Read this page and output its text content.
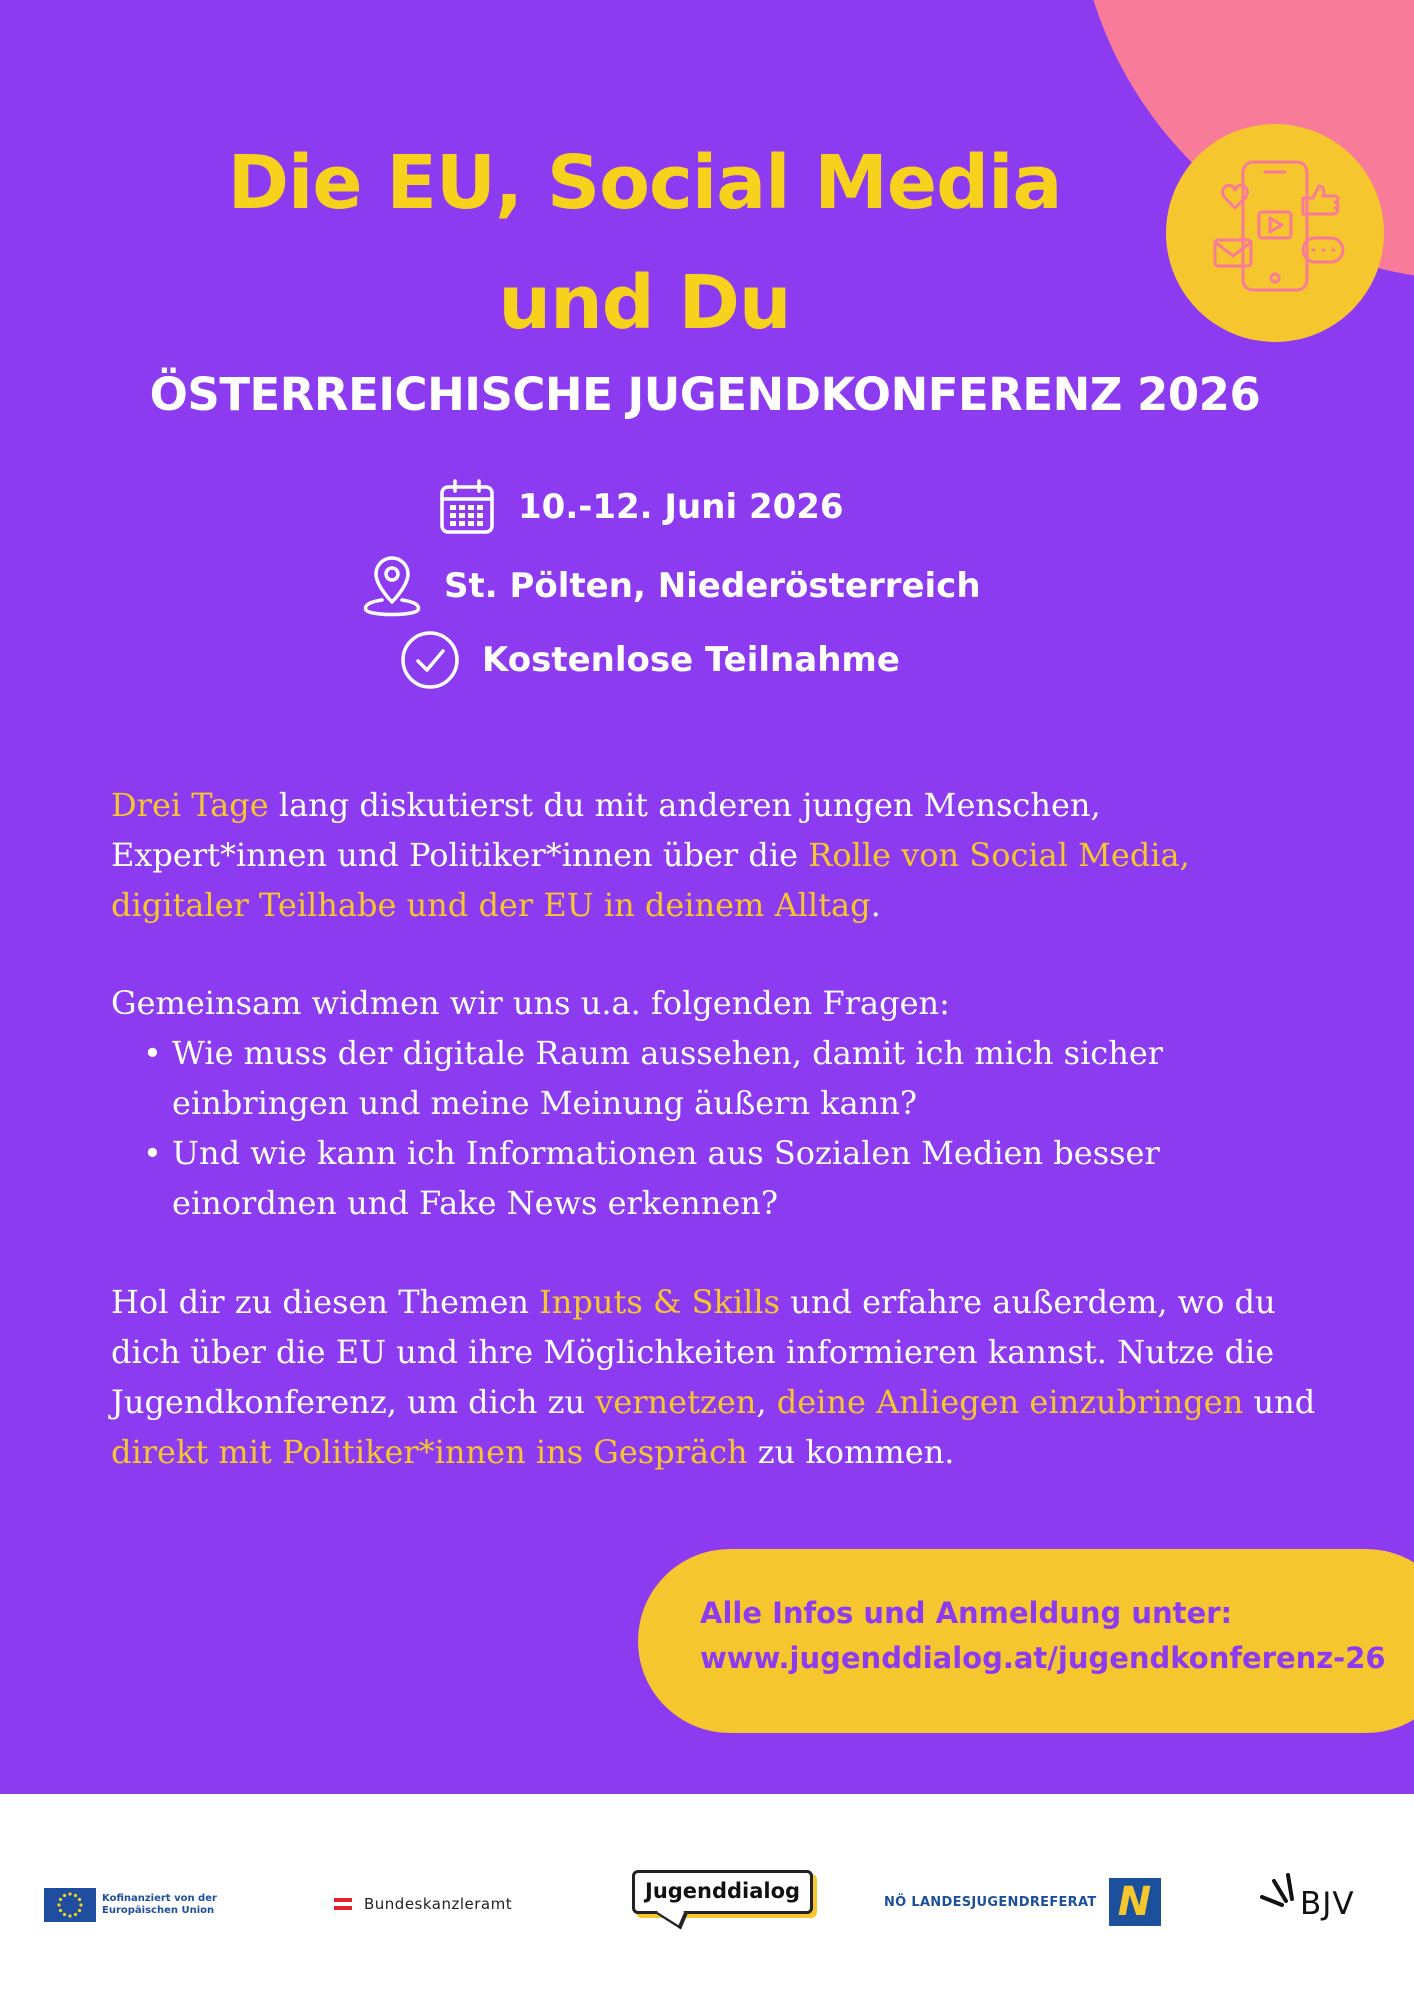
Die EU, Social Media
und Du
ÖSTERREICHISCHE JUGENDKONFERENZ 2026
10.-12. Juni 2026
St. Pölten, Niederösterreich
Kostenlose Teilnahme
Drei Tage lang diskutierst du mit anderen jungen Menschen, Expert*innen und Politiker*innen über die Rolle von Social Media, digitaler Teilhabe und der EU in deinem Alltag.
Gemeinsam widmen wir uns u.a. folgenden Fragen:
• Wie muss der digitale Raum aussehen, damit ich mich sicher einbringen und meine Meinung äußern kann?
• Und wie kann ich Informationen aus Sozialen Medien besser einordnen und Fake News erkennen?
Hol dir zu diesen Themen Inputs & Skills und erfahre außerdem, wo du dich über die EU und ihre Möglichkeiten informieren kannst. Nutze die Jugendkonferenz, um dich zu vernetzen, deine Anliegen einzubringen und direkt mit Politiker*innen ins Gespräch zu kommen.
Alle Infos und Anmeldung unter:
www.jugenddialog.at/jugendkonferenz-26
Kofinanziert von der
Europäischen Union	Bundeskanzleramt
Jugenddialog	NÖ LANDESJUGENDREFERAT N	BJV
